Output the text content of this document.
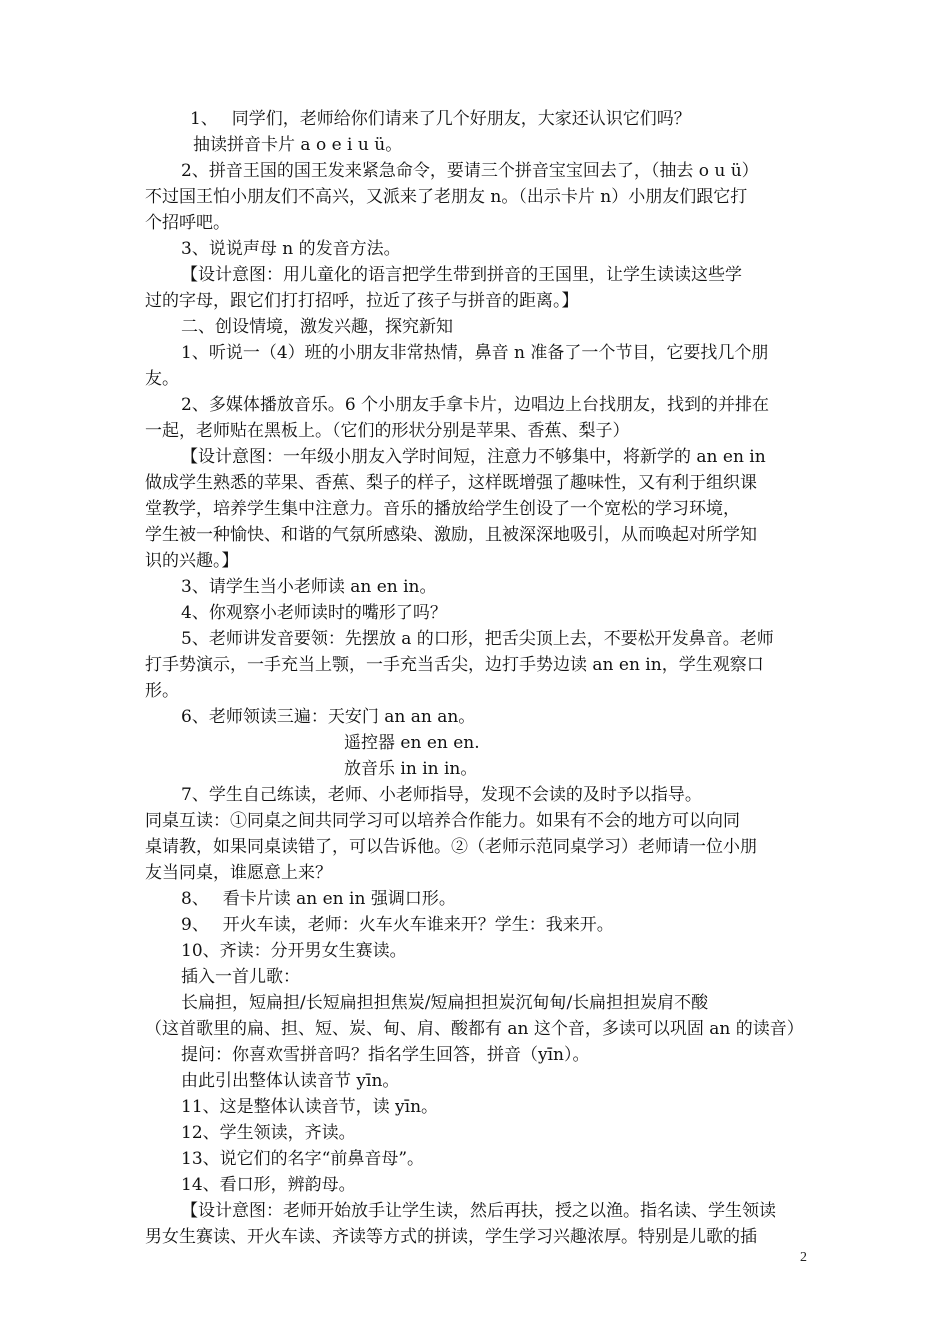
1、　 同学们，老师给你们请来了几个好朋友，大家还认识它们吗？
抽读拼音卡片 a o e i u ü。
2、拼音王国的国王发来紧急命令，要请三个拼音宝宝回去了，（抽去 o u ü）
不过国王怕小朋友们不高兴，又派来了老朋友 n。（出示卡片 n）小朋友们跟它打
个招呼吧。
3、说说声母 n 的发音方法。
【设计意图：用儿童化的语言把学生带到拼音的王国里，让学生读读这些学
过的字母，跟它们打打招呼，拉近了孩子与拼音的距离。】
二、创设情境，激发兴趣，探究新知
1、听说一（4）班的小朋友非常热情，鼻音 n 准备了一个节目，它要找几个朋
友。
2、多媒体播放音乐。6 个小朋友手拿卡片，边唱边上台找朋友，找到的并排在
一起，老师贴在黑板上。（它们的形状分别是苹果、香蕉、梨子）
【设计意图：一年级小朋友入学时间短，注意力不够集中，将新学的 an en in
做成学生熟悉的苹果、香蕉、梨子的样子，这样既增强了趣味性，又有利于组织课
堂教学，培养学生集中注意力。音乐的播放给学生创设了一个宽松的学习环境，
学生被一种愉快、和谐的气氛所感染、激励，且被深深地吸引，从而唤起对所学知
识的兴趣。】
3、请学生当小老师读 an en in。
4、你观察小老师读时的嘴形了吗？
5、老师讲发音要领：先摆放 a 的口形，把舌尖顶上去，不要松开发鼻音。老师
打手势演示，一手充当上颚，一手充当舌尖，边打手势边读 an en in，学生观察口
形。
6、老师领读三遍：天安门 an an an。
遥控器 en en en.
放音乐 in in in。
7、学生自己练读，老师、小老师指导，发现不会读的及时予以指导。
同桌互读：①同桌之间共同学习可以培养合作能力。如果有不会的地方可以向同
桌请教，如果同桌读错了，可以告诉他。②（老师示范同桌学习）老师请一位小朋
友当同桌，谁愿意上来？
8、　 看卡片读 an en in 强调口形。
9、　 开火车读，老师：火车火车谁来开？学生：我来开。
10、齐读：分开男女生赛读。
插入一首儿歌：
长扁担，短扁担/长短扁担担焦炭/短扁担担炭沉甸甸/长扁担担炭肩不酸
（这首歌里的扁、担、短、炭、甸、肩、酸都有 an 这个音，多读可以巩固 an 的读音）
提问：你喜欢雪拼音吗？指名学生回答，拼音（yīn）。
由此引出整体认读音节 yīn。
11、这是整体认读音节，读 yīn。
12、学生领读，齐读。
13、说它们的名字“前鼻音母”。
14、看口形，辨韵母。
【设计意图：老师开始放手让学生读，然后再扶，授之以渔。指名读、学生领读
男女生赛读、开火车读、齐读等方式的拼读，学生学习兴趣浓厚。特别是儿歌的插
2
